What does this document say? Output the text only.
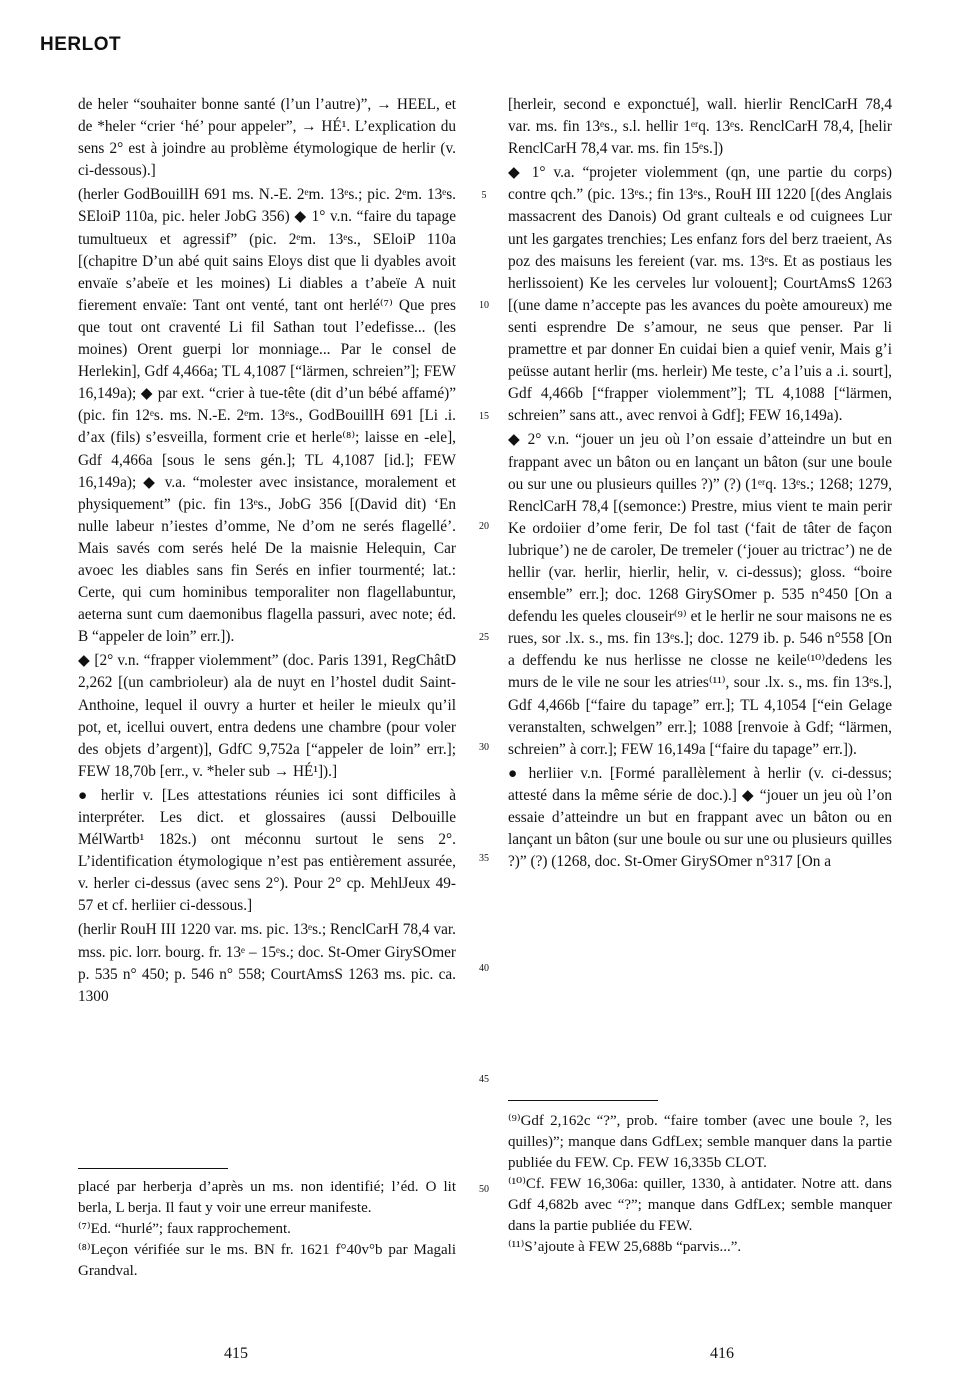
HERLOT

de heler “souhaiter bonne santé (l’un l’autre)”, → HEEL, et de *heler “crier ‘hé’ pour appeler”, → HÉ¹. L’explication du sens 2° est à joindre au problème étymologique de herlir (v. ci-dessous).]

(herler GodBouillH 691 ms. N.-E. 2ᵉm. 13ᵉs.; pic. 2ᵉm. 13ᵉs. SEloiP 110a, pic. heler JobG 356) ◆ 1° v.n. “faire du tapage tumultueux et agressif” (pic. 2ᵉm. 13ᵉs., SEloiP 110a [(chapitre D’un abé quit sains Eloys dist que li dyables avoit envaïe s’abeïe et les moines) Li diables a t’abeïe A nuit fierement envaïe: Tant ont venté, tant ont herlé⁽⁷⁾ Que pres que tout ont craventé Li fil Sathan tout l’edefisse... (les moines) Orent guerpi lor monniage... Par le consel de Herlekin], Gdf 4,466a; TL 4,1087 [“lärmen, schreien”]; FEW 16,149a); ◆ par ext. “crier à tue-tête (dit d’un bébé affamé)” (pic. fin 12ᵉs. ms. N.-E. 2ᵉm. 13ᵉs., GodBouillH 691 [Li .i. d’ax (fils) s’esveilla, forment crie et herle⁽⁸⁾; laisse en -ele], Gdf 4,466a [sous le sens gén.]; TL 4,1087 [id.]; FEW 16,149a); ◆ v.a. “molester avec insistance, moralement et physiquement” (pic. fin 13ᵉs., JobG 356 [(David dit) ‘En nulle labeur n’iestes d’omme, Ne d’om ne serés flagellé’. Mais savés com serés helé De la maisnie Helequin, Car avoec les diables sans fin Serés en infier tourmenté; lat.: Certe, qui cum hominibus temporaliter non flagellabuntur, aeterna sunt cum daemonibus flagella passuri, avec note; éd. B “appeler de loin” err.]).

◆ [2° v.n. “frapper violemment” (doc. Paris 1391, RegChâtD 2,262 [(un cambrioleur) ala de nuyt en l’hostel dudit Saint-Anthoine, lequel il ouvry a hurter et heiler le mieulx qu’il pot, et, icellui ouvert, entra dedens une chambre (pour voler des objets d’argent)], GdfC 9,752a [“appeler de loin” err.]; FEW 18,70b [err., v. *heler sub → HÉ¹]).]

● herlir v. [Les attestations réunies ici sont difficiles à interpréter. Les dict. et glossaires (aussi Delbouille MélWartb¹ 182s.) ont méconnu surtout le sens 2°. L’identification étymologique n’est pas entièrement assurée, v. herler ci-dessus (avec sens 2°). Pour 2° cp. MehlJeux 49-57 et cf. herliier ci-dessous.]

(herlir RouH III 1220 var. ms. pic. 13ᵉs.; RenclCarH 78,4 var. mss. pic. lorr. bourg. fr. 13ᵉ – 15ᵉs.; doc. St-Omer GirySOmer p. 535 n° 450; p. 546 n° 558; CourtAmsS 1263 ms. pic. ca. 1300

5
10
15
20
25
30
35
40
45
50

[herleir, second e exponctué], wall. hierlir RenclCarH 78,4 var. ms. fin 13ᵉs., s.l. hellir 1ᵉʳq. 13ᵉs. RenclCarH 78,4, [helir RenclCarH 78,4 var. ms. fin 15ᵉs.])

◆ 1° v.a. “projeter violemment (qn, une partie du corps) contre qch.” (pic. 13ᵉs.; fin 13ᵉs., RouH III 1220 [(des Anglais massacrent des Danois) Od grant culteals e od cuignees Lur unt les gargates trenchies; Les enfanz fors del berz traeient, As poz des maisuns les fereient (var. ms. 13ᵉs. Et as postiaus les herlissoient) Ke les cerveles lur volouent]; CourtAmsS 1263 [(une dame n’accepte pas les avances du poète amoureux) me senti esprendre De s’amour, ne seus que penser. Par li pramettre et par donner En cuidai bien a quief venir, Mais g’i peüsse autant herlir (ms. herleir) Me teste, c’a l’uis a .i. sourt], Gdf 4,466b [“frapper violemment”]; TL 4,1088 [“lärmen, schreien” sans att., avec renvoi à Gdf]; FEW 16,149a).

◆ 2° v.n. “jouer un jeu où l’on essaie d’atteindre un but en frappant avec un bâton ou en lançant un bâton (sur une boule ou sur une ou plusieurs quilles ?)” (?) (1ᵉʳq. 13ᵉs.; 1268; 1279, RenclCarH 78,4 [(semonce:) Prestre, mius vient te main perir Ke ordoiier d’ome ferir, De fol tast (‘fait de tâter de façon lubrique’) ne de caroler, De tremeler (‘jouer au trictrac’) ne de hellir (var. herlir, hierlir, helir, v. ci-dessus); gloss. “boire ensemble” err.]; doc. 1268 GirySOmer p. 535 n°450 [On a defendu les queles clouseir⁽⁹⁾ et le herlir ne sour maisons ne es rues, sor .lx. s., ms. fin 13ᵉs.]; doc. 1279 ib. p. 546 n°558 [On a deffendu ke nus herlisse ne closse ne keile⁽¹⁰⁾dedens les murs de le vile ne sour les atries⁽¹¹⁾, sour .lx. s., ms. fin 13ᵉs.], Gdf 4,466b [“faire du tapage” err.]; TL 4,1054 [“ein Gelage veranstalten, schwelgen” err.]; 1088 [renvoie à Gdf; “lärmen, schreien” à corr.]; FEW 16,149a [“faire du tapage” err.]).

● herliier v.n. [Formé parallèlement à herlir (v. ci-dessus; attesté dans la même série de doc.).] ◆ “jouer un jeu où l’on essaie d’atteindre un but en frappant avec un bâton ou en lançant un bâton (sur une boule ou sur une ou plusieurs quilles ?)” (?) (1268, doc. St-Omer GirySOmer n°317 [On a

placé par herberja d’après un ms. non identifié; l’éd. O lit berla, L berja. Il faut y voir une erreur manifeste.

⁽⁷⁾Ed. “hurlé”; faux rapprochement.

⁽⁸⁾Leçon vérifiée sur le ms. BN fr. 1621 f°40v°b par Magali Grandval.

⁽⁹⁾Gdf 2,162c “?”, prob. “faire tomber (avec une boule ?, les quilles)”; manque dans GdfLex; semble manquer dans la partie publiée du FEW. Cp. FEW 16,335b CLOT.

⁽¹⁰⁾Cf. FEW 16,306a: quiller, 1330, à antidater. Notre att. dans Gdf 4,682b avec “?”; manque dans GdfLex; semble manquer dans la partie publiée du FEW.

⁽¹¹⁾S’ajoute à FEW 25,688b “parvis...”.

415	416
